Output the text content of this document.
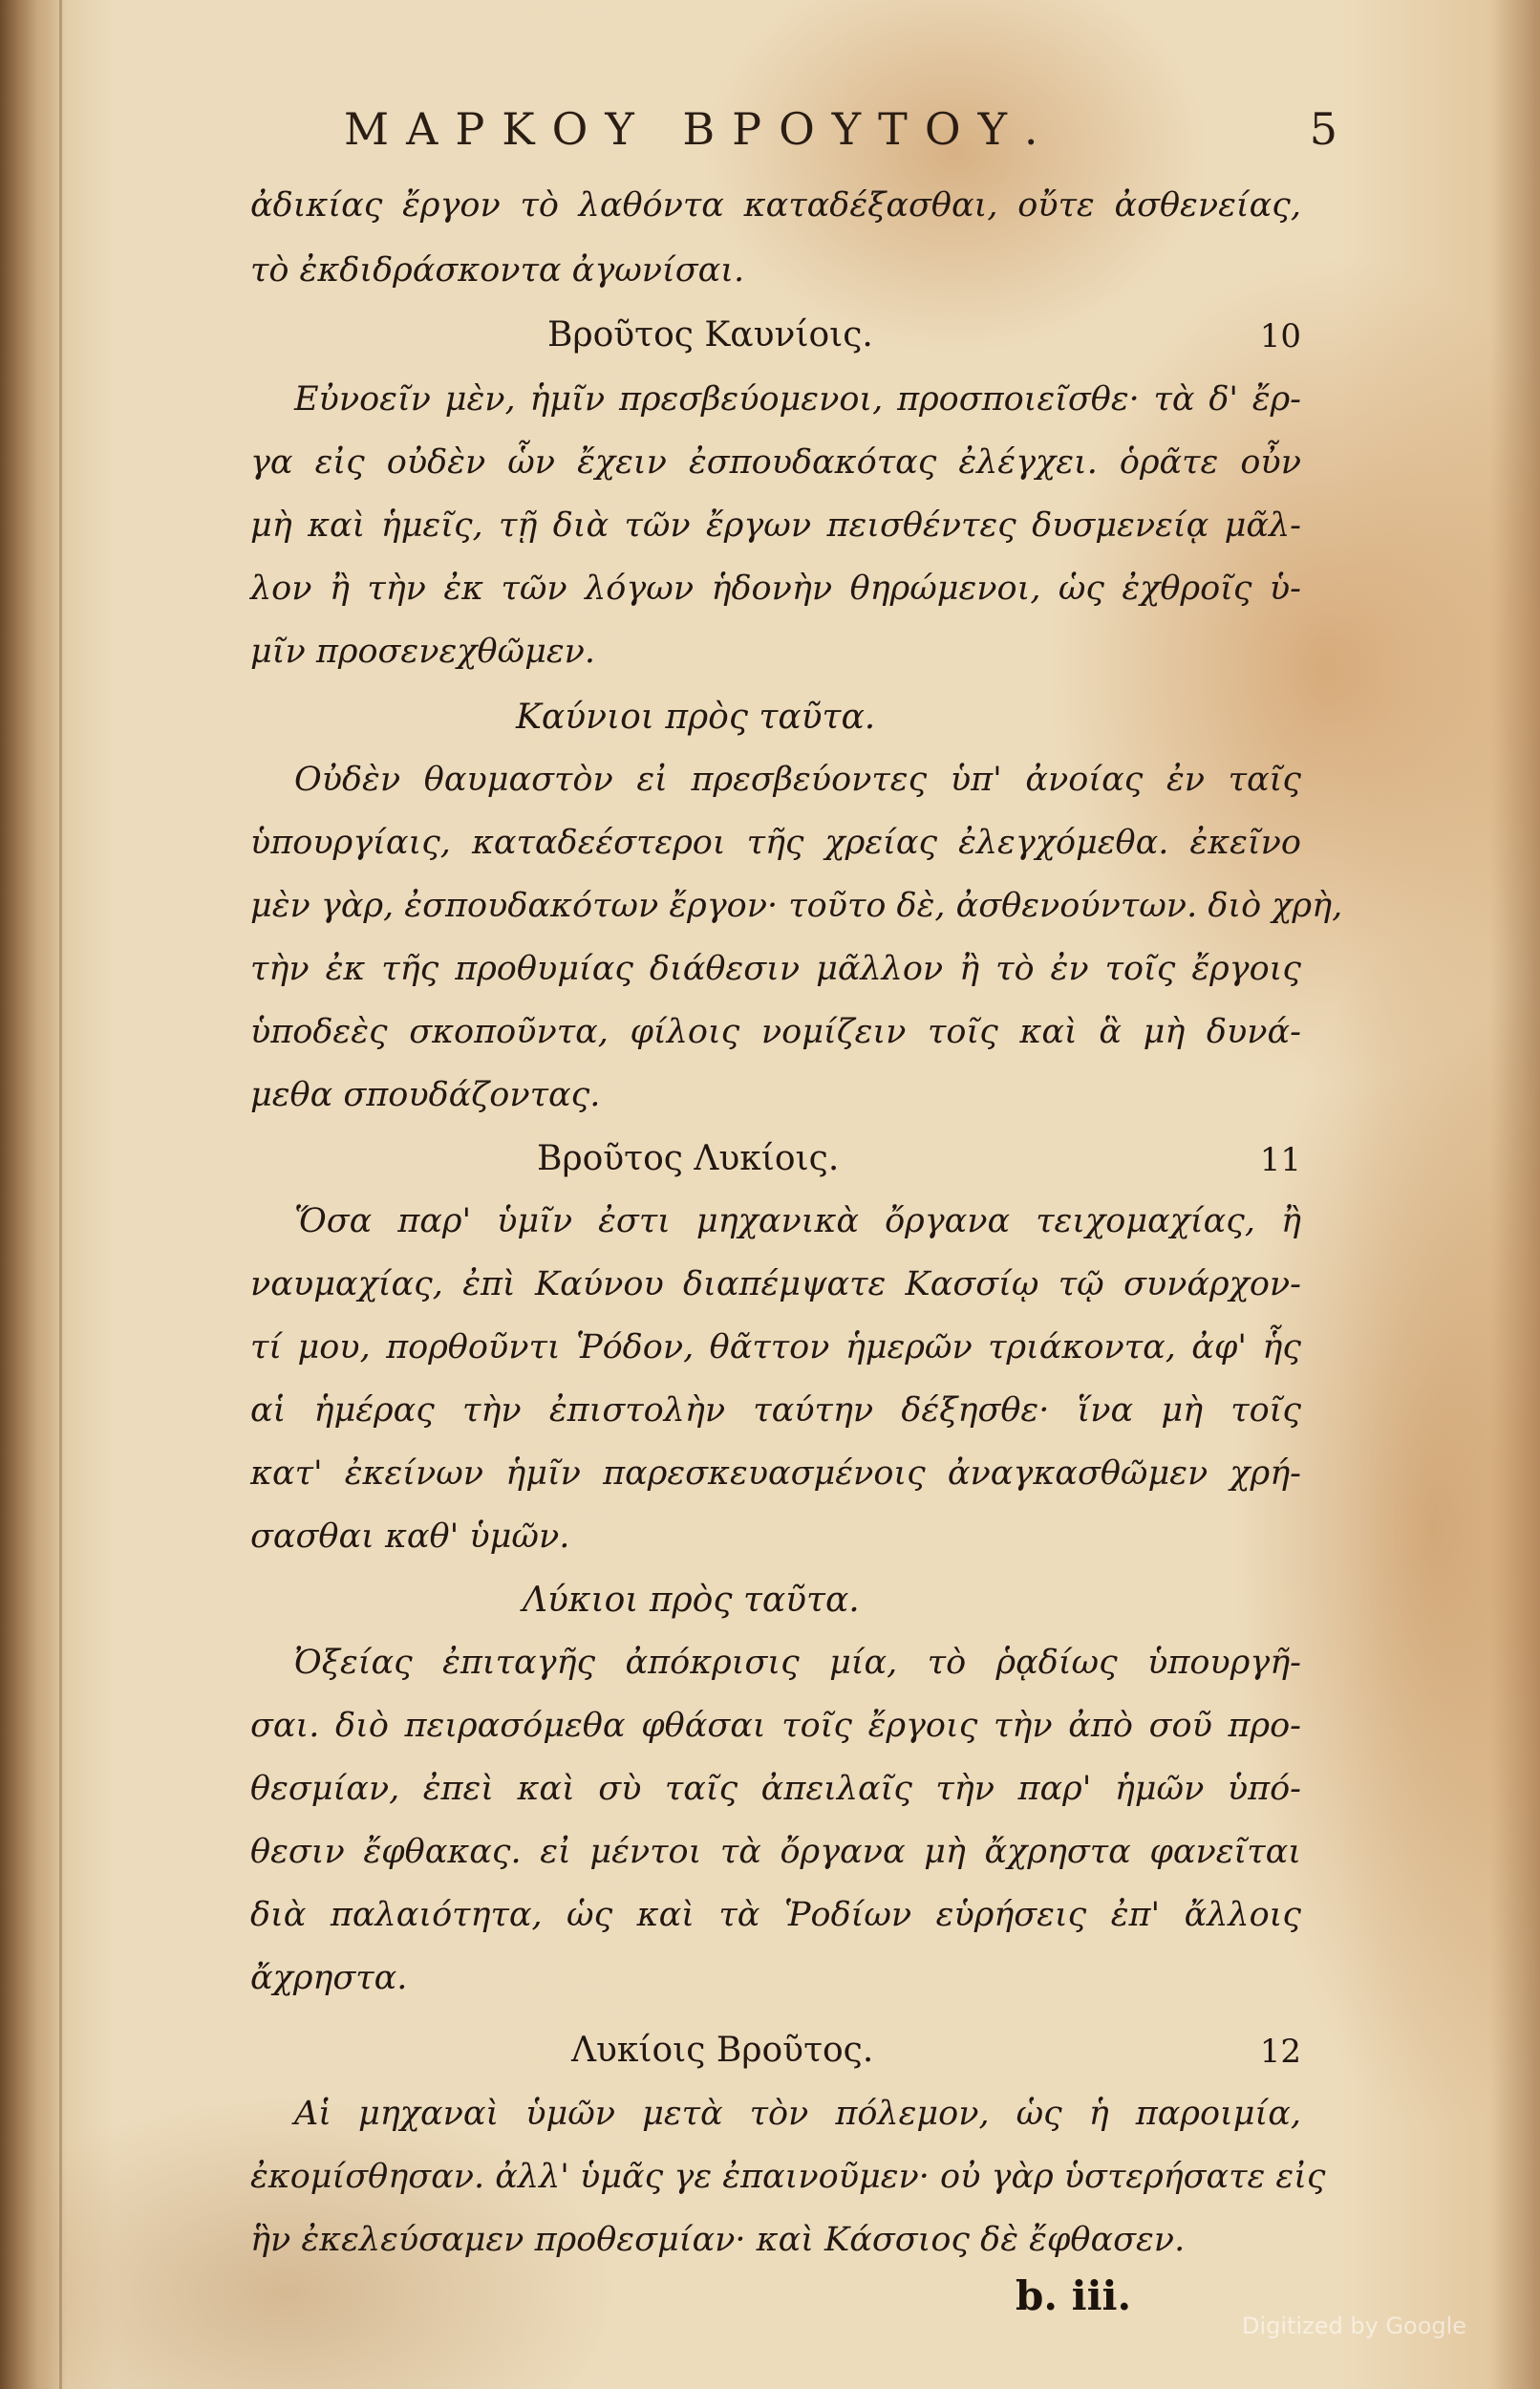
ΜΑΡΚΟΥ ΒΡΟΥΤΟΥ.	5
ἀδικίας ἔργον τὸ λαθόντα καταδέξασθαι, οὔτε ἀσθενείας,
τὸ ἐκδιδράσκοντα ἀγωνίσαι.
Βροῦτος Καυνίοις.	10
Εὐνοεῖν μὲν, ἡμῖν πρεσβεύομενοι, προσποιεῖσθε· τὰ δ' ἔρ-
γα εἰς οὐδὲν ὧν ἔχειν ἐσπουδακότας ἐλέγχει. ὁρᾶτε οὖν
μὴ καὶ ἡμεῖς, τῇ διὰ τῶν ἔργων πεισθέντες δυσμενείᾳ μᾶλ-
λον ἢ τὴν ἐκ τῶν λόγων ἡδονὴν θηρώμενοι, ὡς ἐχθροῖς ὑ-
μῖν προσενεχθῶμεν.
Καύνιοι πρὸς ταῦτα.
Οὐδὲν θαυμαστὸν εἰ πρεσβεύοντες ὑπ' ἀνοίας ἐν ταῖς
ὑπουργίαις, καταδεέστεροι τῆς χρείας ἐλεγχόμεθα. ἐκεῖνο
μὲν γὰρ, ἐσπουδακότων ἔργον· τοῦτο δὲ, ἀσθενούντων. διὸ χρὴ,
τὴν ἐκ τῆς προθυμίας διάθεσιν μᾶλλον ἢ τὸ ἐν τοῖς ἔργοις
ὑποδεὲς σκοποῦντα, φίλοις νομίζειν τοῖς καὶ ἃ μὴ δυνά-
μεθα σπουδάζοντας.
Βροῦτος Λυκίοις.	11
Ὅσα παρ' ὑμῖν ἐστι μηχανικὰ ὄργανα τειχομαχίας, ἢ
ναυμαχίας, ἐπὶ Καύνου διαπέμψατε Κασσίῳ τῷ συνάρχον-
τί μου, πορθοῦντι Ῥόδον, θᾶττον ἡμερῶν τριάκοντα, ἀφ' ἧς
αἱ ἡμέρας τὴν ἐπιστολὴν ταύτην δέξησθε· ἵνα μὴ τοῖς
κατ' ἐκείνων ἡμῖν παρεσκευασμένοις ἀναγκασθῶμεν χρή-
σασθαι καθ' ὑμῶν.
Λύκιοι πρὸς ταῦτα.
Ὀξείας ἐπιταγῆς ἀπόκρισις μία, τὸ ῥᾳδίως ὑπουργῆ-
σαι. διὸ πειρασόμεθα φθάσαι τοῖς ἔργοις τὴν ἀπὸ σοῦ προ-
θεσμίαν, ἐπεὶ καὶ σὺ ταῖς ἀπειλαῖς τὴν παρ' ἡμῶν ὑπό-
θεσιν ἔφθακας. εἰ μέντοι τὰ ὄργανα μὴ ἄχρηστα φανεῖται
διὰ παλαιότητα, ὡς καὶ τὰ Ῥοδίων εὑρήσεις ἐπ' ἄλλοις
ἄχρηστα.
Λυκίοις Βροῦτος.	12
Αἱ μηχαναὶ ὑμῶν μετὰ τὸν πόλεμον, ὡς ἡ παροιμία,
ἐκομίσθησαν. ἀλλ' ὑμᾶς γε ἐπαινοῦμεν· οὐ γὰρ ὑστερήσατε εἰς
ἣν ἐκελεύσαμεν προθεσμίαν· καὶ Κάσσιος δὲ ἔφθασεν.
b. iii.
Digitized by Google
